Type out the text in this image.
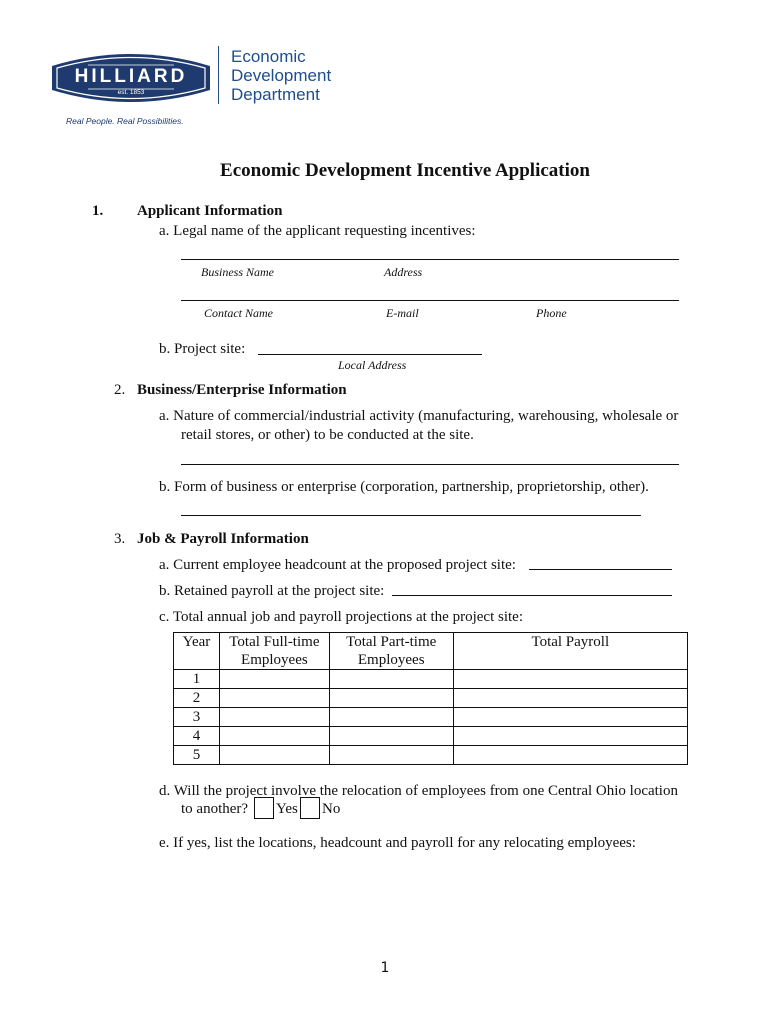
CITY OF
HILLIARD
est. 1853
Real People. Real Possibilities.
Economic
Development
Department
Economic Development Incentive Application
1. Applicant Information
a. Legal name of the applicant requesting incentives:
Business Name	Address
Contact Name	E-mail	Phone
b. Project site:
Local Address
2. Business/Enterprise Information
a. Nature of commercial/industrial activity (manufacturing, warehousing, wholesale or
retail stores, or other) to be conducted at the site.
b. Form of business or enterprise (corporation, partnership, proprietorship, other).
3. Job & Payroll Information
a. Current employee headcount at the proposed project site:
b. Retained payroll at the project site:
c. Total annual job and payroll projections at the project site:
Year	Total Full-time Employees	Total Part-time Employees	Total Payroll
1			
2			
3			
4			
5			
d. Will the project involve the relocation of employees from one Central Ohio location
to another? Yes No
e. If yes, list the locations, headcount and payroll for any relocating employees:
1
